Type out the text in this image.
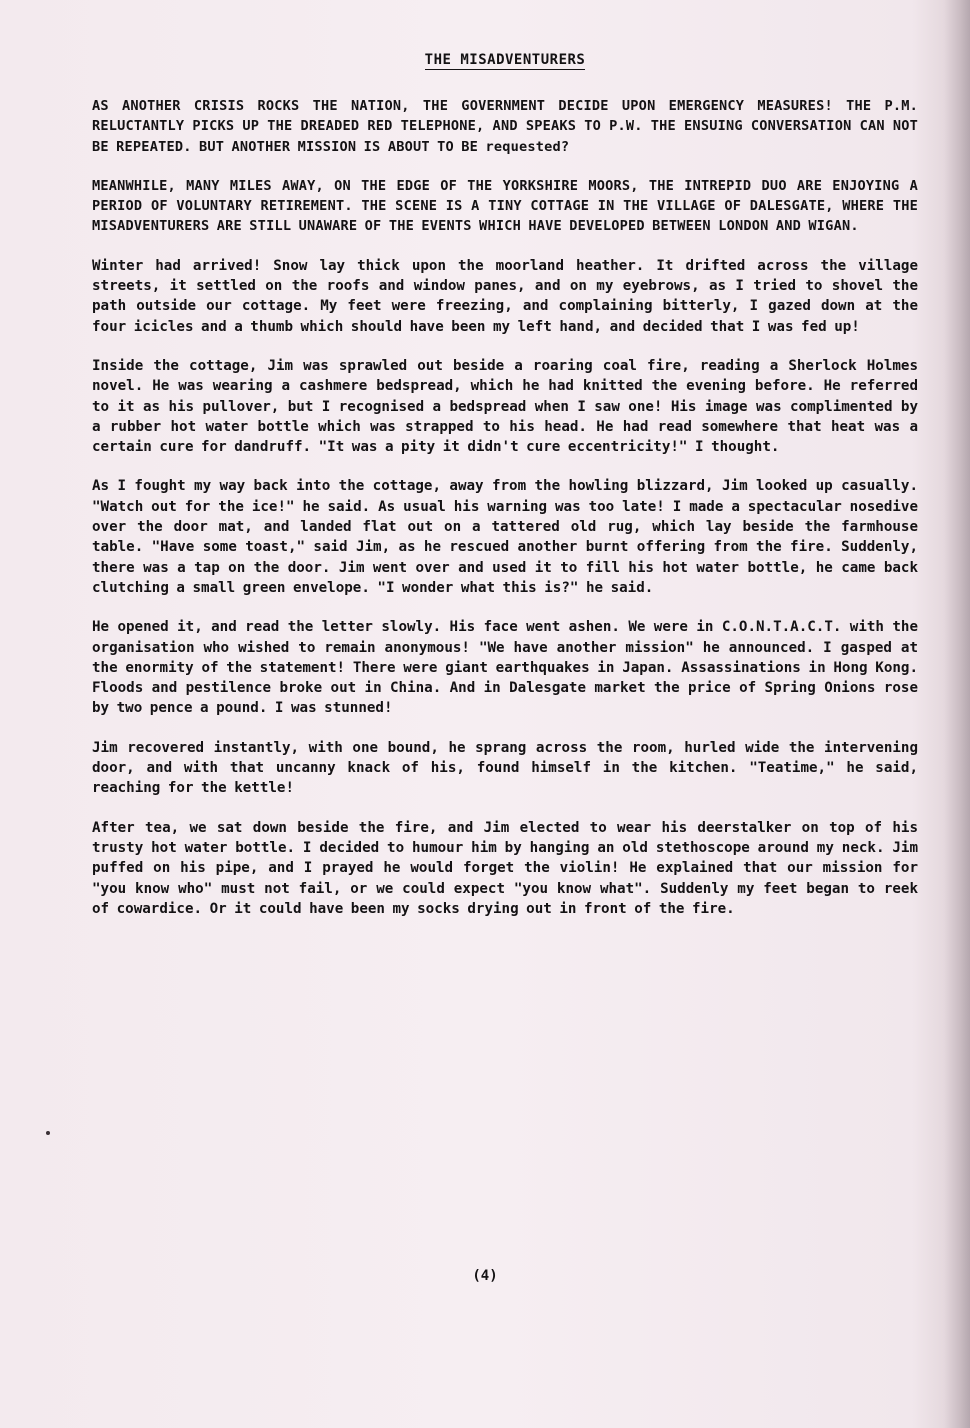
THE MISADVENTURERS

AS ANOTHER CRISIS ROCKS THE NATION, THE GOVERNMENT DECIDE UPON EMERGENCY MEASURES! THE P.M. RELUCTANTLY PICKS UP THE DREADED RED TELEPHONE, AND SPEAKS TO P.W. THE ENSUING CONVERSATION CAN NOT BE REPEATED. BUT ANOTHER MISSION IS ABOUT TO BE requested?

MEANWHILE, MANY MILES AWAY, ON THE EDGE OF THE YORKSHIRE MOORS, THE INTREPID DUO ARE ENJOYING A PERIOD OF VOLUNTARY RETIREMENT. THE SCENE IS A TINY COTTAGE IN THE VILLAGE OF DALESGATE, WHERE THE MISADVENTURERS ARE STILL UNAWARE OF THE EVENTS WHICH HAVE DEVELOPED BETWEEN LONDON AND WIGAN.

Winter had arrived! Snow lay thick upon the moorland heather. It drifted across the village streets, it settled on the roofs and window panes, and on my eyebrows, as I tried to shovel the path outside our cottage. My feet were freezing, and complaining bitterly, I gazed down at the four icicles and a thumb which should have been my left hand, and decided that I was fed up!

Inside the cottage, Jim was sprawled out beside a roaring coal fire, reading a Sherlock Holmes novel. He was wearing a cashmere bedspread, which he had knitted the evening before. He referred to it as his pullover, but I recognised a bedspread when I saw one! His image was complimented by a rubber hot water bottle which was strapped to his head. He had read somewhere that heat was a certain cure for dandruff. "It was a pity it didn't cure eccentricity!" I thought.

As I fought my way back into the cottage, away from the howling blizzard, Jim looked up casually. "Watch out for the ice!" he said. As usual his warning was too late! I made a spectacular nosedive over the door mat, and landed flat out on a tattered old rug, which lay beside the farmhouse table. "Have some toast," said Jim, as he rescued another burnt offering from the fire. Suddenly, there was a tap on the door. Jim went over and used it to fill his hot water bottle, he came back clutching a small green envelope. "I wonder what this is?" he said.

He opened it, and read the letter slowly. His face went ashen. We were in C.O.N.T.A.C.T. with the organisation who wished to remain anonymous! "We have another mission" he announced. I gasped at the enormity of the statement! There were giant earthquakes in Japan. Assassinations in Hong Kong. Floods and pestilence broke out in China. And in Dalesgate market the price of Spring Onions rose by two pence a pound. I was stunned!

Jim recovered instantly, with one bound, he sprang across the room, hurled wide the intervening door, and with that uncanny knack of his, found himself in the kitchen. "Teatime," he said, reaching for the kettle!

After tea, we sat down beside the fire, and Jim elected to wear his deerstalker on top of his trusty hot water bottle. I decided to humour him by hanging an old stethoscope around my neck. Jim puffed on his pipe, and I prayed he would forget the violin! He explained that our mission for "you know who" must not fail, or we could expect "you know what". Suddenly my feet began to reek of cowardice. Or it could have been my socks drying out in front of the fire.

(4)
